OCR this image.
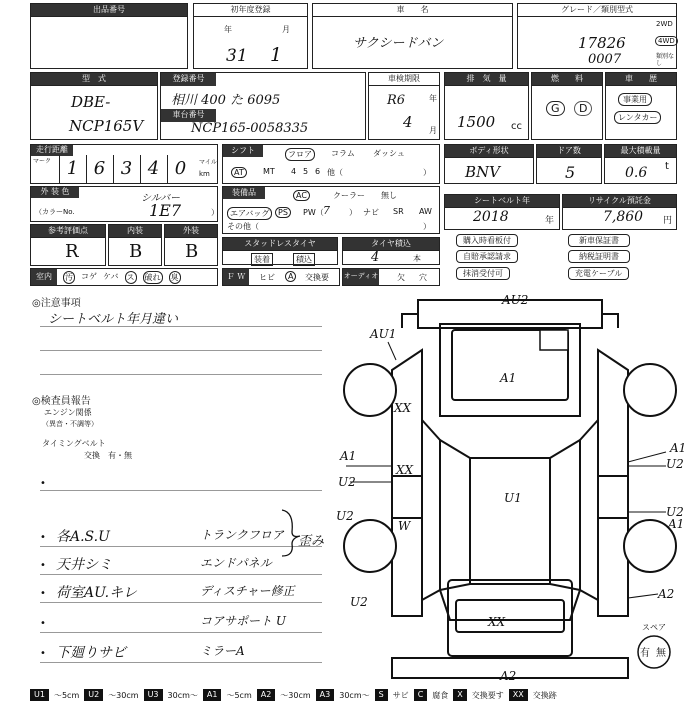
出品番号	初年度登録
年	月
31 1
車　　名
サクシードバン
グレード／類別型式
17826
0007
2WD
4WD
類別なし
型　式
DBE-
NCP165V
登録番号
相川 400 た 6095
車台番号
NCP165-0058335
車検期限
R6
4
年
月
排　気　量
1500 cc
燃　　料
G	D
車　　歴
事業用
レンタカー
走行距離
マーク 1 6 3 4 0	マイル
km
シフト	フロア	コラム ダッシュ
AT	MT 4 5 6 他（	）
ボディ形状
BNV
ドア数
5
最大積載量
0.6 t
外 装 色
シルバー
（カラーNo.	1E7	）
装備品	AC	クーラー 無し
エアバッグ	PS	PW（ 7 ） ナビ SR AW
その他（	）
シートベルト年
2018	年
リサイクル預託金
7,860 円
参考評価点
R
内装
B
外装
B	スタッドレスタイヤ
装着	積込
タイヤ積込
4	本
購入時看板付
自賠承認請求
抹消受付可
新車保証書
納税証明書
充電ケーブル
室内	汚 コゲ ケバ ス 破れ 臭	Ｆ Ｗ	ヒビ	A	交換要 オーディオ 欠 穴
◎注意事項
シートベルト年月違い
◎検査員報告
エンジン関係
（異音・不調等）
タイミングベルト
交換　有・無
• 各A.S.U	トランクフロア
• 天井シミ	エンドパネル
• 荷室AU.キレ	ディスチャー修正
•	コアサポート U
• 下廻りサビ	ミラーA
•
歪み
AU2
AU1
A1
XX
A1
U2
XX
U1
U2
W
U2
A1
U2
A1
A2
U2
XX
A2
スペア
有 無
U1	～5cm	U2	～30cm	U3	30cm～	A1	～5cm	A2	～30cm	A3	30cm～	S	サビ	C	腐食	X	交換要す	XX	交換跡
